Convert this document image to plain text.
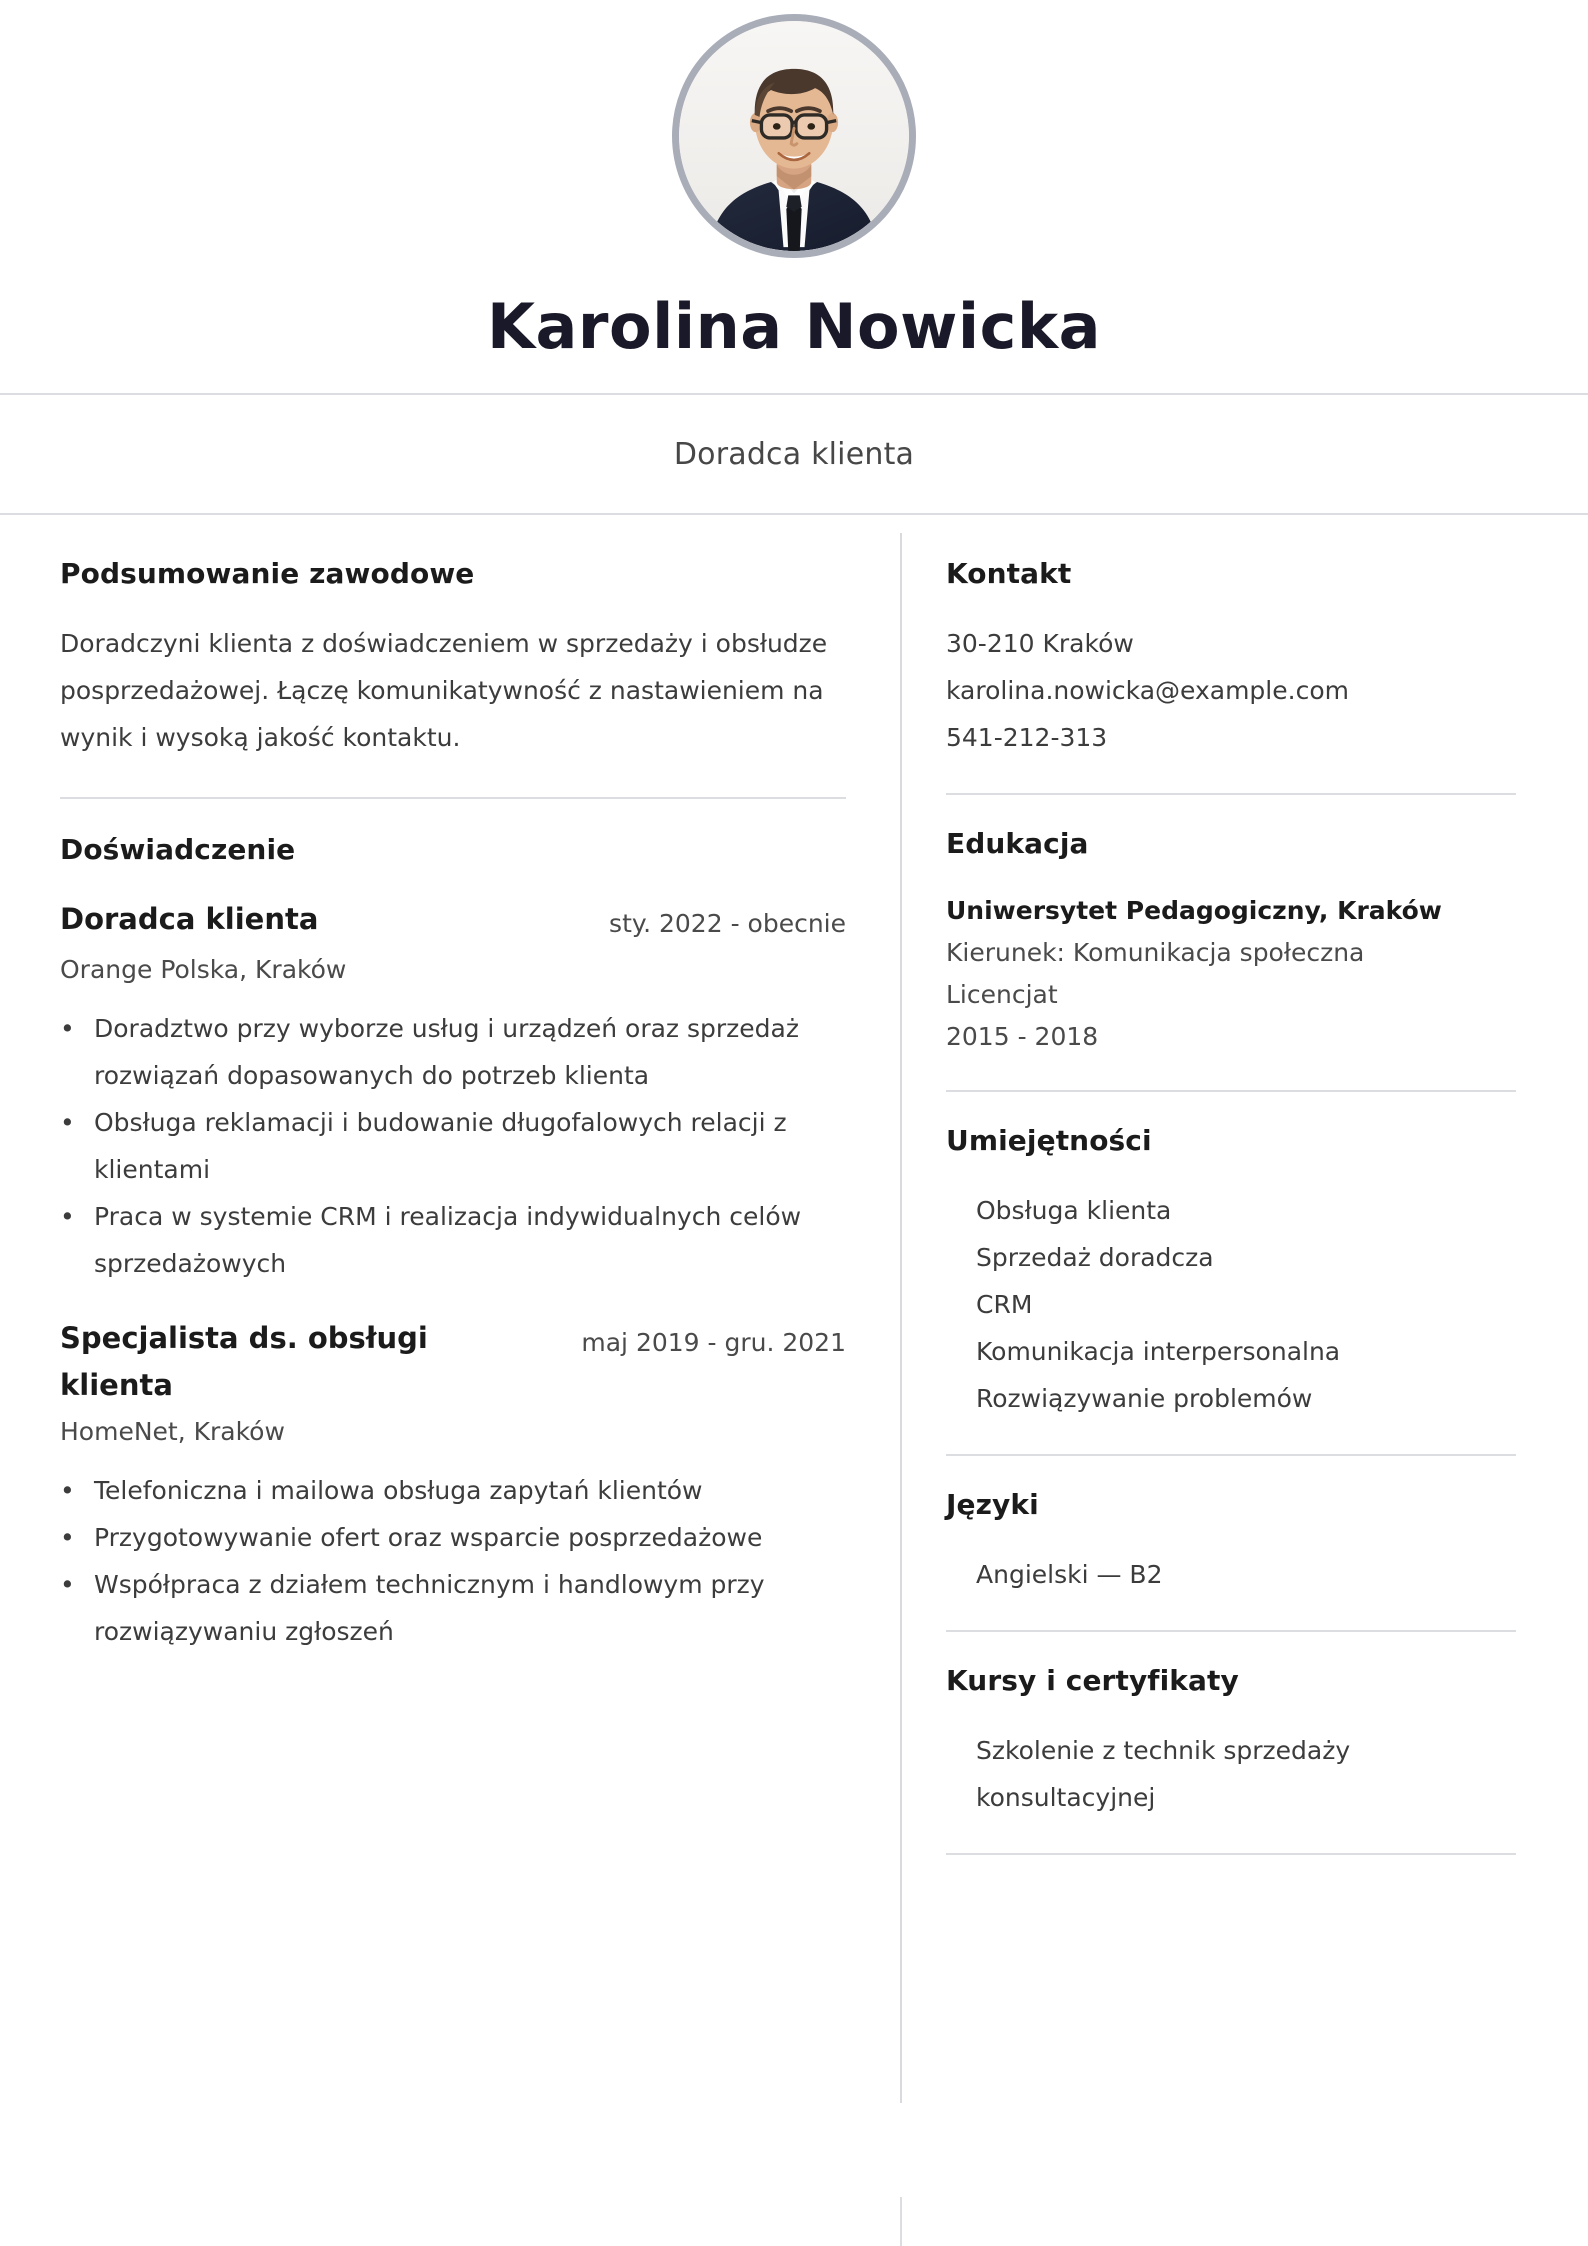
Karolina Nowicka
Doradca klienta
Podsumowanie zawodowe
Doradczyni klienta z doświadczeniem w sprzedaży i obsłudze posprzedażowej. Łączę komunikatywność z nastawieniem na wynik i wysoką jakość kontaktu.
Doświadczenie
Doradca klienta	sty. 2022 - obecnie
Orange Polska, Kraków
• Doradztwo przy wyborze usług i urządzeń oraz sprzedaż rozwiązań dopasowanych do potrzeb klienta
• Obsługa reklamacji i budowanie długofalowych relacji z klientami
• Praca w systemie CRM i realizacja indywidualnych celów sprzedażowych
Specjalista ds. obsługi klienta
maj 2019 - gru. 2021
HomeNet, Kraków
• Telefoniczna i mailowa obsługa zapytań klientów
• Przygotowywanie ofert oraz wsparcie posprzedażowe
• Współpraca z działem technicznym i handlowym przy rozwiązywaniu zgłoszeń
Kontakt
30-210 Kraków
karolina.nowicka@example.com
541-212-313
Edukacja
Uniwersytet Pedagogiczny, Kraków
Kierunek: Komunikacja społeczna
Licencjat
2015 - 2018
Umiejętności
Obsługa klienta
Sprzedaż doradcza
CRM
Komunikacja interpersonalna
Rozwiązywanie problemów
Języki
Angielski — B2
Kursy i certyfikaty
Szkolenie z technik sprzedaży konsultacyjnej
